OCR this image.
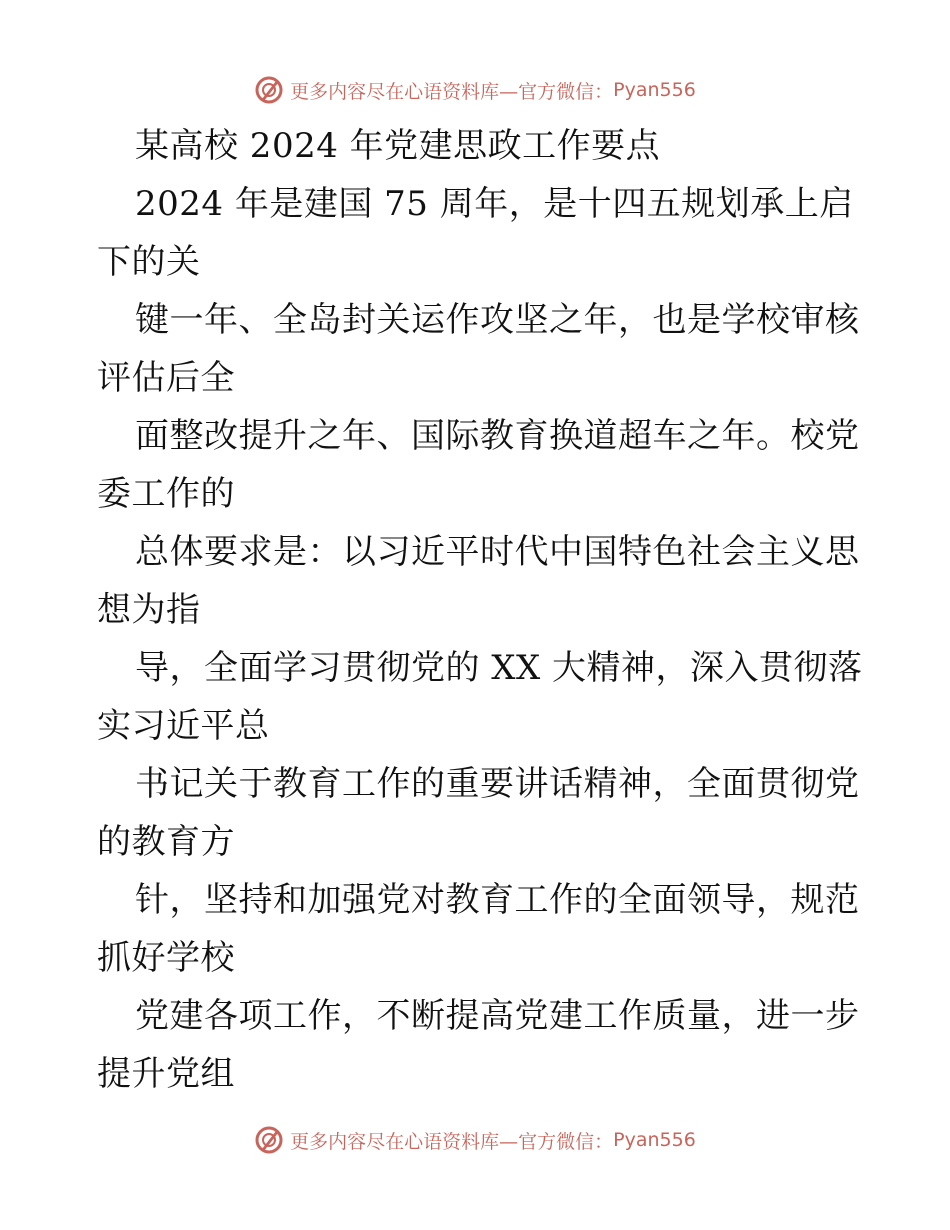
更多内容尽在心语资料库—官方微信： Pyan556
某高校 2024 年党建思政工作要点
2024 年是建国 75 周年，是十四五规划承上启
下的关
键一年、全岛封关运作攻坚之年，也是学校审核
评估后全
面整改提升之年、国际教育换道超车之年。校党
委工作的
总体要求是：以习近平时代中国特色社会主义思
想为指
导，全面学习贯彻党的 XX 大精神，深入贯彻落
实习近平总
书记关于教育工作的重要讲话精神，全面贯彻党
的教育方
针，坚持和加强党对教育工作的全面领导，规范
抓好学校
党建各项工作，不断提高党建工作质量，进一步
提升党组
更多内容尽在心语资料库—官方微信： Pyan556
